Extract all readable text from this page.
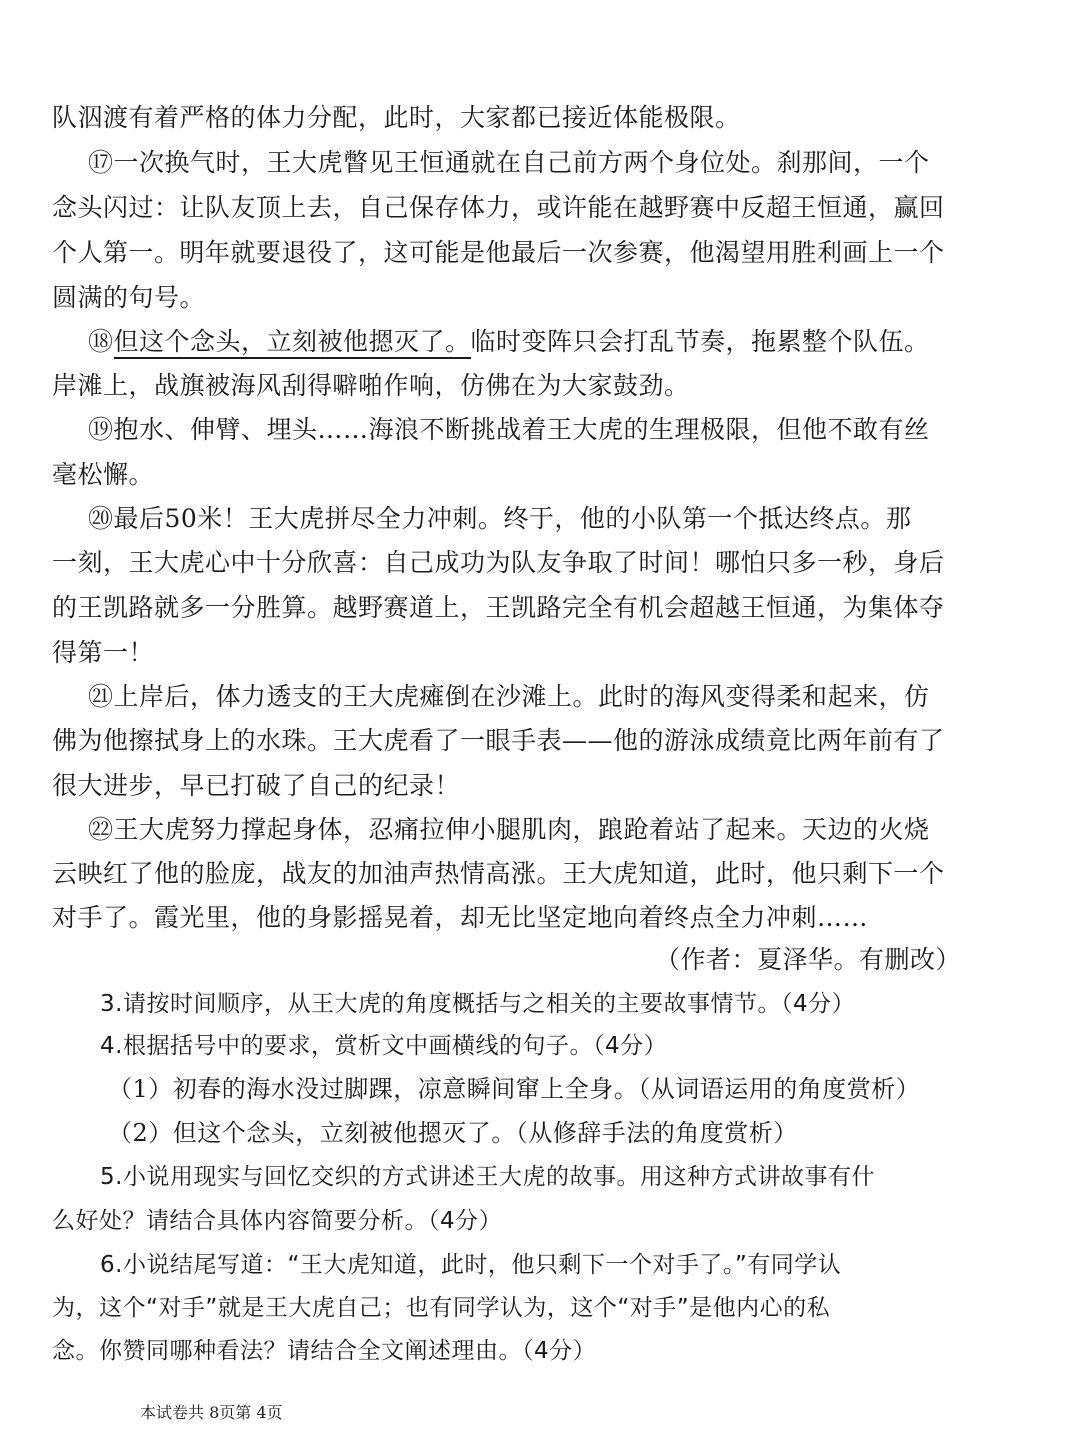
队泅渡有着严格的体力分配，此时，大家都已接近体能极限。
⑰一次换气时，王大虎瞥见王恒通就在自己前方两个身位处。刹那间，一个
念头闪过：让队友顶上去，自己保存体力，或许能在越野赛中反超王恒通，赢回
个人第一。明年就要退役了，这可能是他最后一次参赛，他渴望用胜利画上一个
圆满的句号。
⑱但这个念头，立刻被他摁灭了。临时变阵只会打乱节奏，拖累整个队伍。
岸滩上，战旗被海风刮得噼啪作响，仿佛在为大家鼓劲。
⑲抱水、伸臂、埋头……海浪不断挑战着王大虎的生理极限，但他不敢有丝
毫松懈。
⑳最后50米！王大虎拼尽全力冲刺。终于，他的小队第一个抵达终点。那
一刻，王大虎心中十分欣喜：自己成功为队友争取了时间！哪怕只多一秒，身后
的王凯路就多一分胜算。越野赛道上，王凯路完全有机会超越王恒通，为集体夺
得第一！
㉑上岸后，体力透支的王大虎瘫倒在沙滩上。此时的海风变得柔和起来，仿
佛为他擦拭身上的水珠。王大虎看了一眼手表——他的游泳成绩竟比两年前有了
很大进步，早已打破了自己的纪录！
㉒王大虎努力撑起身体，忍痛拉伸小腿肌肉，踉跄着站了起来。天边的火烧
云映红了他的脸庞，战友的加油声热情高涨。王大虎知道，此时，他只剩下一个
对手了。霞光里，他的身影摇晃着，却无比坚定地向着终点全力冲刺……
（作者：夏泽华。有删改）
3.请按时间顺序，从王大虎的角度概括与之相关的主要故事情节。（4分）
4.根据括号中的要求，赏析文中画横线的句子。（4分）
（1）初春的海水没过脚踝，凉意瞬间窜上全身。（从词语运用的角度赏析）
（2）但这个念头，立刻被他摁灭了。（从修辞手法的角度赏析）
5.小说用现实与回忆交织的方式讲述王大虎的故事。用这种方式讲故事有什
么好处？请结合具体内容简要分析。（4分）
6.小说结尾写道：“王大虎知道，此时，他只剩下一个对手了。”有同学认
为，这个“对手”就是王大虎自己；也有同学认为，这个“对手”是他内心的私
念。你赞同哪种看法？请结合全文阐述理由。（4分）
本试卷共 8页第 4页
